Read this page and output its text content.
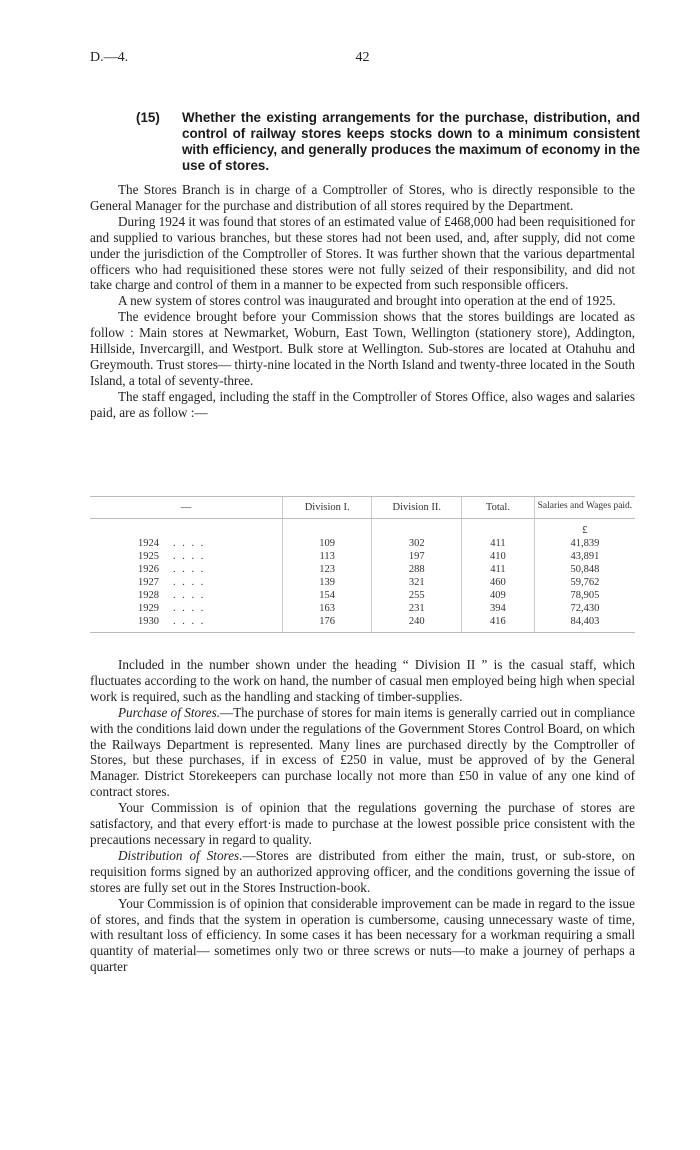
D.—4.	42
(15) Whether the existing arrangements for the purchase, distribution, and control of railway stores keeps stocks down to a minimum consistent with efficiency, and generally produces the maximum of economy in the use of stores.

The Stores Branch is in charge of a Comptroller of Stores, who is directly responsible to the General Manager for the purchase and distribution of all stores required by the Department.

During 1924 it was found that stores of an estimated value of £468,000 had been requisitioned for and supplied to various branches, but these stores had not been used, and, after supply, did not come under the jurisdiction of the Comptroller of Stores. It was further shown that the various departmental officers who had requisitioned these stores were not fully seized of their responsibility, and did not take charge and control of them in a manner to be expected from such responsible officers.

A new system of stores control was inaugurated and brought into operation at the end of 1925.

The evidence brought before your Commission shows that the stores buildings are located as follow : Main stores at Newmarket, Woburn, East Town, Wellington (stationery store), Addington, Hillside, Invercargill, and Westport. Bulk store at Wellington. Sub-stores are located at Otahuhu and Greymouth. Trust stores— thirty-nine located in the North Island and twenty-three located in the South Island, a total of seventy-three.

The staff engaged, including the staff in the Comptroller of Stores Office, also wages and salaries paid, are as follow :—

—	Division I.	Division II.	Total.	Salaries and Wages paid.
				£
1924 . . . .	109	302	411	41,839
1925 . . . .	113	197	410	43,891
1926 . . . .	123	288	411	50,848
1927 . . . .	139	321	460	59,762
1928 . . . .	154	255	409	78,905
1929 . . . .	163	231	394	72,430
1930 . . . .	176	240	416	84,403

Included in the number shown under the heading “ Division II ” is the casual staff, which fluctuates according to the work on hand, the number of casual men employed being high when special work is required, such as the handling and stacking of timber-supplies.

Purchase of Stores.—The purchase of stores for main items is generally carried out in compliance with the conditions laid down under the regulations of the Government Stores Control Board, on which the Railways Department is represented. Many lines are purchased directly by the Comptroller of Stores, but these purchases, if in excess of £250 in value, must be approved of by the General Manager. District Storekeepers can purchase locally not more than £50 in value of any one kind of contract stores.

Your Commission is of opinion that the regulations governing the purchase of stores are satisfactory, and that every effort·is made to purchase at the lowest possible price consistent with the precautions necessary in regard to quality.

Distribution of Stores.—Stores are distributed from either the main, trust, or sub-store, on requisition forms signed by an authorized approving officer, and the conditions governing the issue of stores are fully set out in the Stores Instruction-book.

Your Commission is of opinion that considerable improvement can be made in regard to the issue of stores, and finds that the system in operation is cumbersome, causing unnecessary waste of time, with resultant loss of efficiency. In some cases it has been necessary for a workman requiring a small quantity of material— sometimes only two or three screws or nuts—to make a journey of perhaps a quarter
